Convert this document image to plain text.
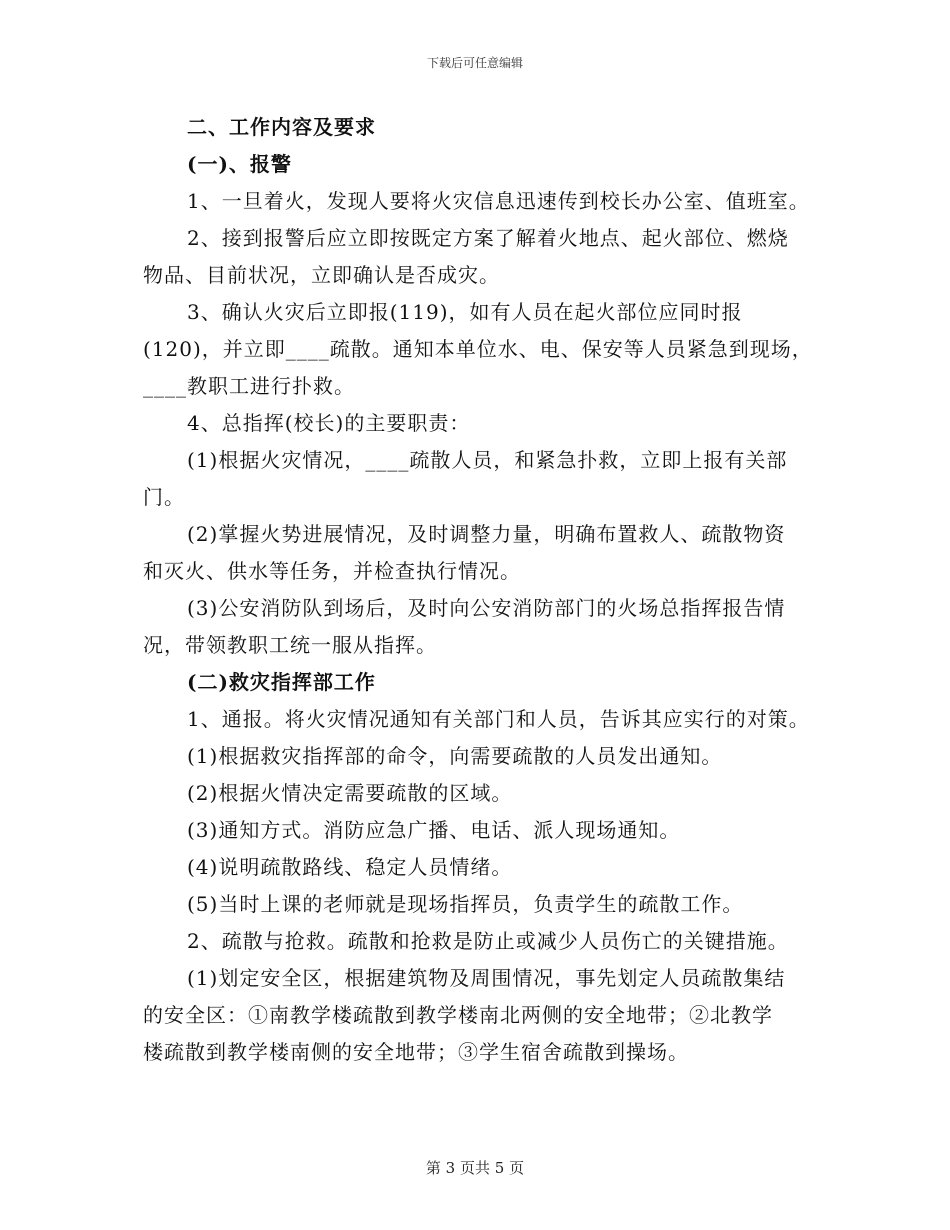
下载后可任意编辑
二、工作内容及要求
(一)、报警
1、一旦着火，发现人要将火灾信息迅速传到校长办公室、值班室。
2、接到报警后应立即按既定方案了解着火地点、起火部位、燃烧
物品、目前状况，立即确认是否成灾。
3、确认火灾后立即报(119)，如有人员在起火部位应同时报
(120)，并立即____疏散。通知本单位水、电、保安等人员紧急到现场，
____教职工进行扑救。
4、总指挥(校长)的主要职责：
(1)根据火灾情况，____疏散人员，和紧急扑救，立即上报有关部
门。
(2)掌握火势进展情况，及时调整力量，明确布置救人、疏散物资
和灭火、供水等任务，并检查执行情况。
(3)公安消防队到场后，及时向公安消防部门的火场总指挥报告情
况，带领教职工统一服从指挥。
(二)救灾指挥部工作
1、通报。将火灾情况通知有关部门和人员，告诉其应实行的对策。
(1)根据救灾指挥部的命令，向需要疏散的人员发出通知。
(2)根据火情决定需要疏散的区域。
(3)通知方式。消防应急广播、电话、派人现场通知。
(4)说明疏散路线、稳定人员情绪。
(5)当时上课的老师就是现场指挥员，负责学生的疏散工作。
2、疏散与抢救。疏散和抢救是防止或减少人员伤亡的关键措施。
(1)划定安全区，根据建筑物及周围情况，事先划定人员疏散集结
的安全区：①南教学楼疏散到教学楼南北两侧的安全地带；②北教学
楼疏散到教学楼南侧的安全地带；③学生宿舍疏散到操场。
第 3 页共 5 页
